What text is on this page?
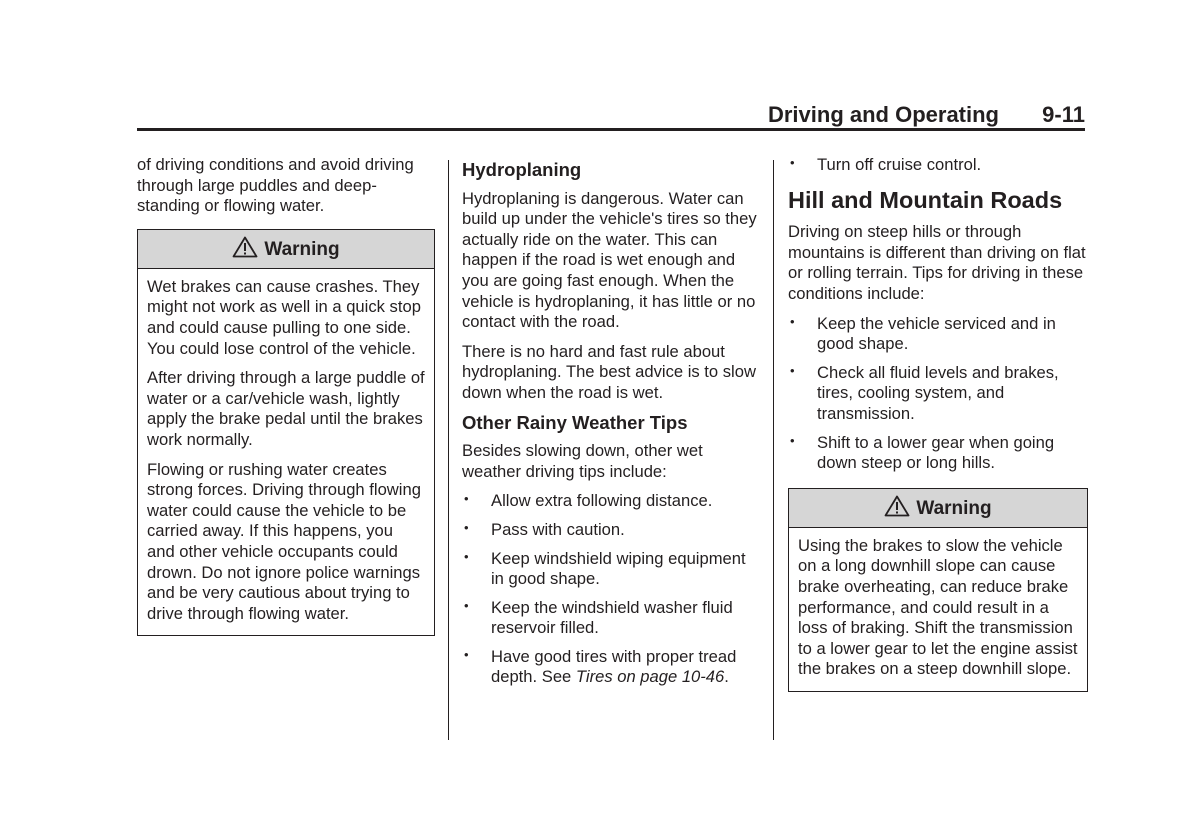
Driving and Operating 9-11

of driving conditions and avoid driving through large puddles and deep-standing or flowing water.

Warning

Wet brakes can cause crashes. They might not work as well in a quick stop and could cause pulling to one side. You could lose control of the vehicle.

After driving through a large puddle of water or a car/vehicle wash, lightly apply the brake pedal until the brakes work normally.

Flowing or rushing water creates strong forces. Driving through flowing water could cause the vehicle to be carried away. If this happens, you and other vehicle occupants could drown. Do not ignore police warnings and be very cautious about trying to drive through flowing water.

Hydroplaning

Hydroplaning is dangerous. Water can build up under the vehicle's tires so they actually ride on the water. This can happen if the road is wet enough and you are going fast enough. When the vehicle is hydroplaning, it has little or no contact with the road.

There is no hard and fast rule about hydroplaning. The best advice is to slow down when the road is wet.

Other Rainy Weather Tips

Besides slowing down, other wet weather driving tips include:

• Allow extra following distance.
• Pass with caution.
• Keep windshield wiping equipment in good shape.
• Keep the windshield washer fluid reservoir filled.
• Have good tires with proper tread depth. See Tires on page 10-46.
• Turn off cruise control.
Hill and Mountain Roads

Driving on steep hills or through mountains is different than driving on flat or rolling terrain. Tips for driving in these conditions include:

• Keep the vehicle serviced and in good shape.
• Check all fluid levels and brakes, tires, cooling system, and transmission.
• Shift to a lower gear when going down steep or long hills.
Warning

Using the brakes to slow the vehicle on a long downhill slope can cause brake overheating, can reduce brake performance, and could result in a loss of braking. Shift the transmission to a lower gear to let the engine assist the brakes on a steep downhill slope.
